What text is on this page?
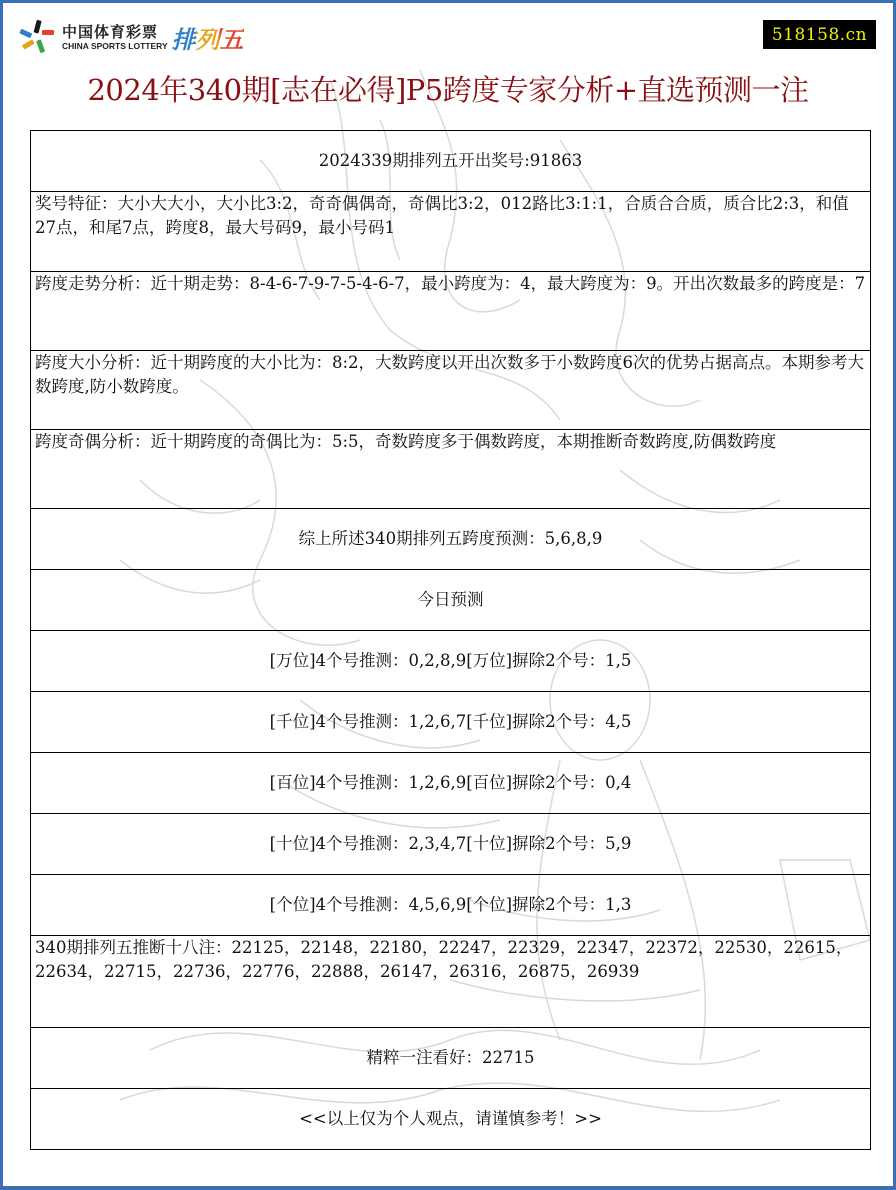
中国体育彩票
CHINA SPORTS LOTTERY 排列五	518158.cn
2024年340期[志在必得]P5跨度专家分析+直选预测一注
2024339期排列五开出奖号:91863
奖号特征：大小大大小，大小比3:2，奇奇偶偶奇，奇偶比3:2，012路比3:1:1，合质合合质，质合比2:3，和值27点，和尾7点，跨度8，最大号码9，最小号码1
跨度走势分析：近十期走势：8-4-6-7-9-7-5-4-6-7，最小跨度为：4，最大跨度为：9。开出次数最多的跨度是：7
跨度大小分析：近十期跨度的大小比为：8:2，大数跨度以开出次数多于小数跨度6次的优势占据高点。本期参考大数跨度,防小数跨度。
跨度奇偶分析：近十期跨度的奇偶比为：5:5，奇数跨度多于偶数跨度，本期推断奇数跨度,防偶数跨度
综上所述340期排列五跨度预测：5,6,8,9
今日预测
[万位]4个号推测：0,2,8,9[万位]摒除2个号：1,5
[千位]4个号推测：1,2,6,7[千位]摒除2个号：4,5
[百位]4个号推测：1,2,6,9[百位]摒除2个号：0,4
[十位]4个号推测：2,3,4,7[十位]摒除2个号：5,9
[个位]4个号推测：4,5,6,9[个位]摒除2个号：1,3
340期排列五推断十八注：22125，22148，22180，22247，22329，22347，22372，22530，22615，22634，22715，22736，22776，22888，26147，26316，26875，26939
精粹一注看好：22715
<<以上仅为个人观点，请谨慎参考！>>
